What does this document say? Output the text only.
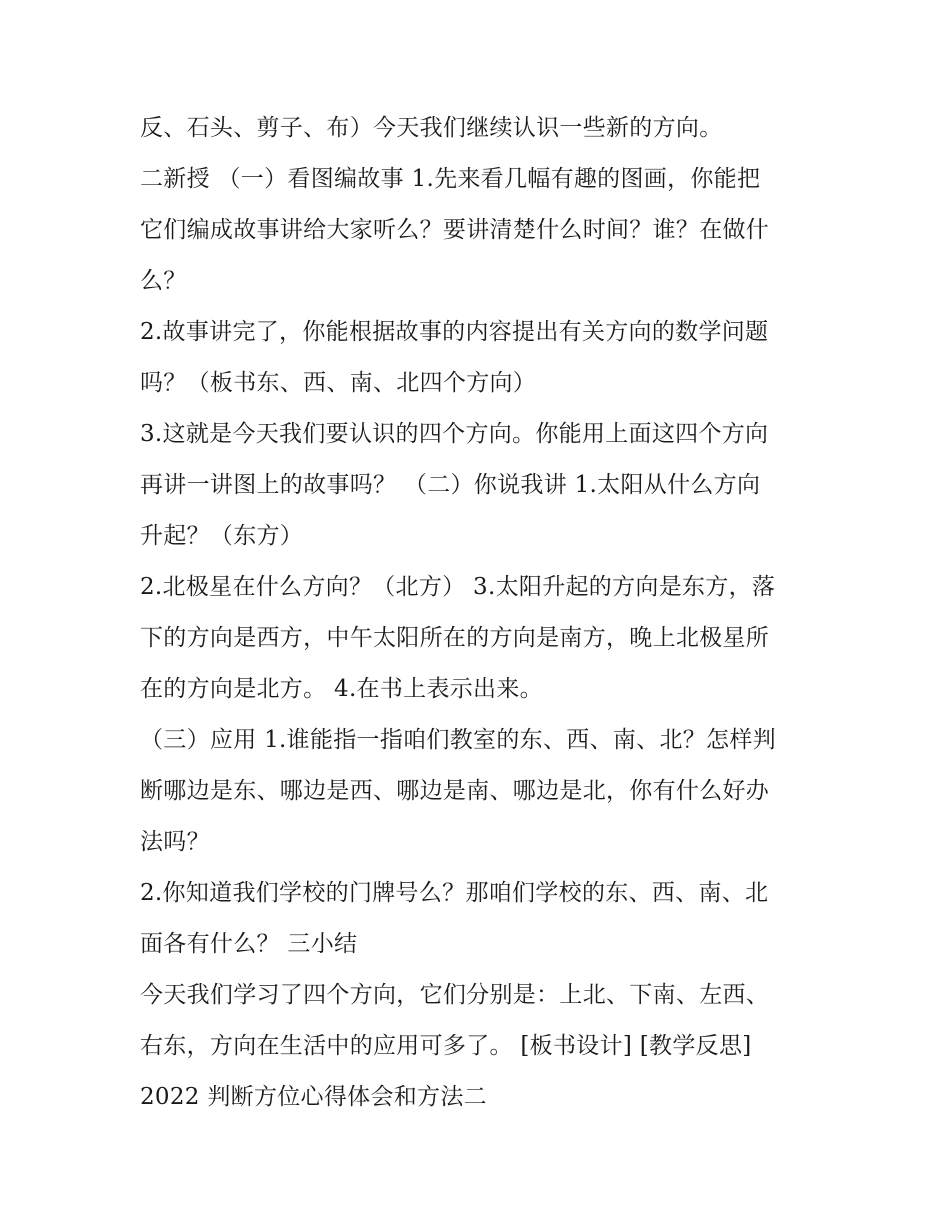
反、石头、剪子、布）今天我们继续认识一些新的方向。
二新授 （一）看图编故事 1.先来看几幅有趣的图画，你能把
它们编成故事讲给大家听么？要讲清楚什么时间？谁？在做什
么？
2.故事讲完了，你能根据故事的内容提出有关方向的数学问题
吗？（板书东、西、南、北四个方向）
3.这就是今天我们要认识的四个方向。你能用上面这四个方向
再讲一讲图上的故事吗？ （二）你说我讲 1.太阳从什么方向
升起？（东方）
2.北极星在什么方向？（北方） 3.太阳升起的方向是东方，落
下的方向是西方，中午太阳所在的方向是南方，晚上北极星所
在的方向是北方。 4.在书上表示出来。
（三）应用 1.谁能指一指咱们教室的东、西、南、北？怎样判
断哪边是东、哪边是西、哪边是南、哪边是北，你有什么好办
法吗？
2.你知道我们学校的门牌号么？那咱们学校的东、西、南、北
面各有什么？ 三小结
今天我们学习了四个方向，它们分别是：上北、下南、左西、
右东，方向在生活中的应用可多了。 [板书设计] [教学反思]
2022 判断方位心得体会和方法二
